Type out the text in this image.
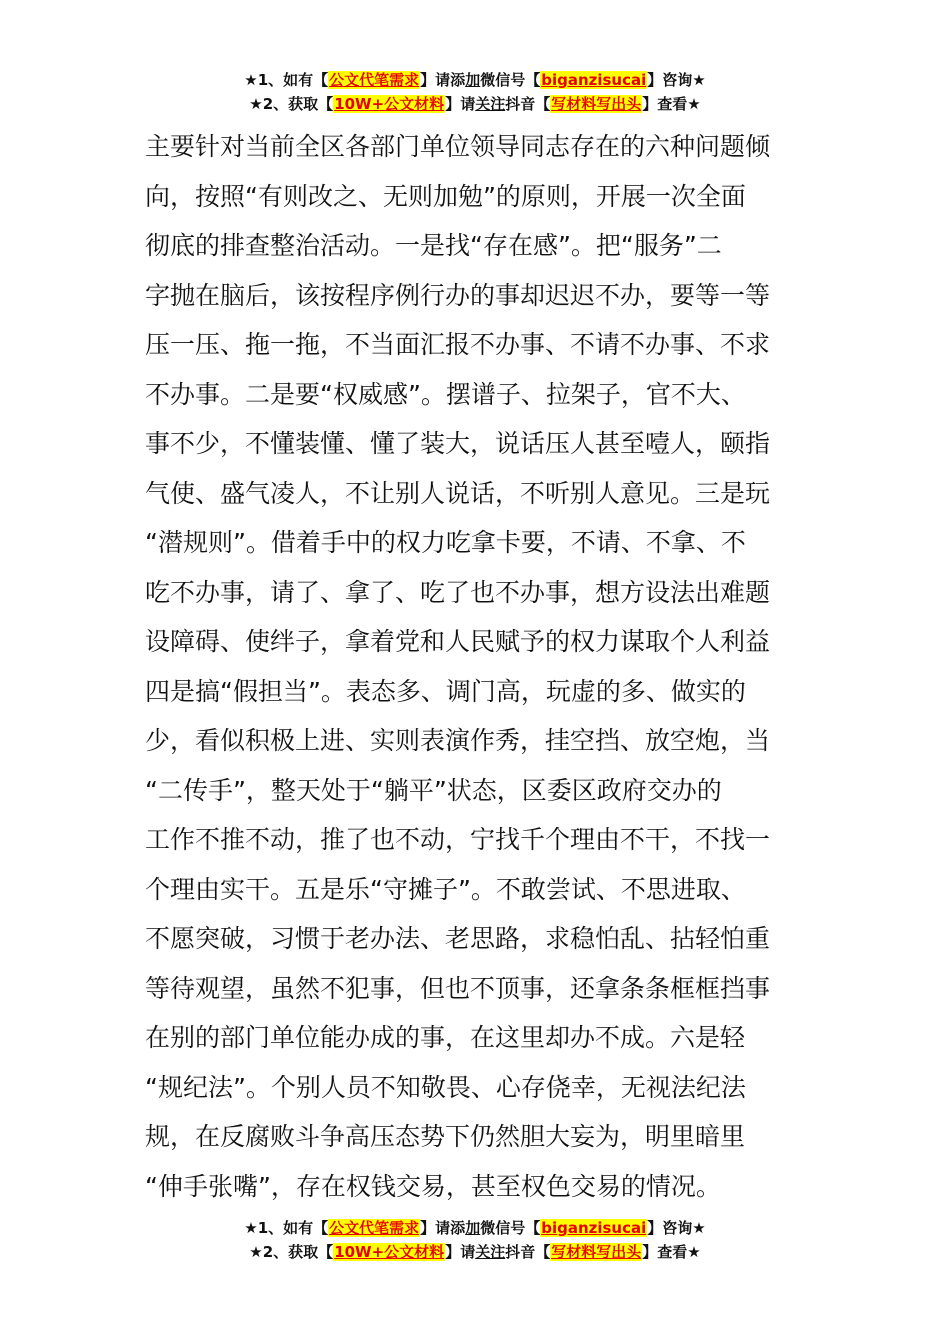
★1、如有【公文代笔需求】请添加微信号【biganzisucai】咨询★
★2、获取【10W+公文材料】请关注抖音【写材料写出头】查看★
主要针对当前全区各部门单位领导同志存在的六种问题倾
向，按照“有则改之、无则加勉”的原则，开展一次全面
彻底的排查整治活动。一是找“存在感”。把“服务”二
字抛在脑后，该按程序例行办的事却迟迟不办，要等一等
压一压、拖一拖，不当面汇报不办事、不请不办事、不求
不办事。二是要“权威感”。摆谱子、拉架子，官不大、
事不少，不懂装懂、懂了装大，说话压人甚至噎人，颐指
气使、盛气凌人，不让别人说话，不听别人意见。三是玩
“潜规则”。借着手中的权力吃拿卡要，不请、不拿、不
吃不办事，请了、拿了、吃了也不办事，想方设法出难题
设障碍、使绊子，拿着党和人民赋予的权力谋取个人利益
四是搞“假担当”。表态多、调门高，玩虚的多、做实的
少，看似积极上进、实则表演作秀，挂空挡、放空炮，当
“二传手”，整天处于“躺平”状态，区委区政府交办的
工作不推不动，推了也不动，宁找千个理由不干，不找一
个理由实干。五是乐“守摊子”。不敢尝试、不思进取、
不愿突破，习惯于老办法、老思路，求稳怕乱、拈轻怕重
等待观望，虽然不犯事，但也不顶事，还拿条条框框挡事
在别的部门单位能办成的事，在这里却办不成。六是轻
“规纪法”。个别人员不知敬畏、心存侥幸，无视法纪法
规，在反腐败斗争高压态势下仍然胆大妄为，明里暗里
“伸手张嘴”，存在权钱交易，甚至权色交易的情况。
★1、如有【公文代笔需求】请添加微信号【biganzisucai】咨询★
★2、获取【10W+公文材料】请关注抖音【写材料写出头】查看★
